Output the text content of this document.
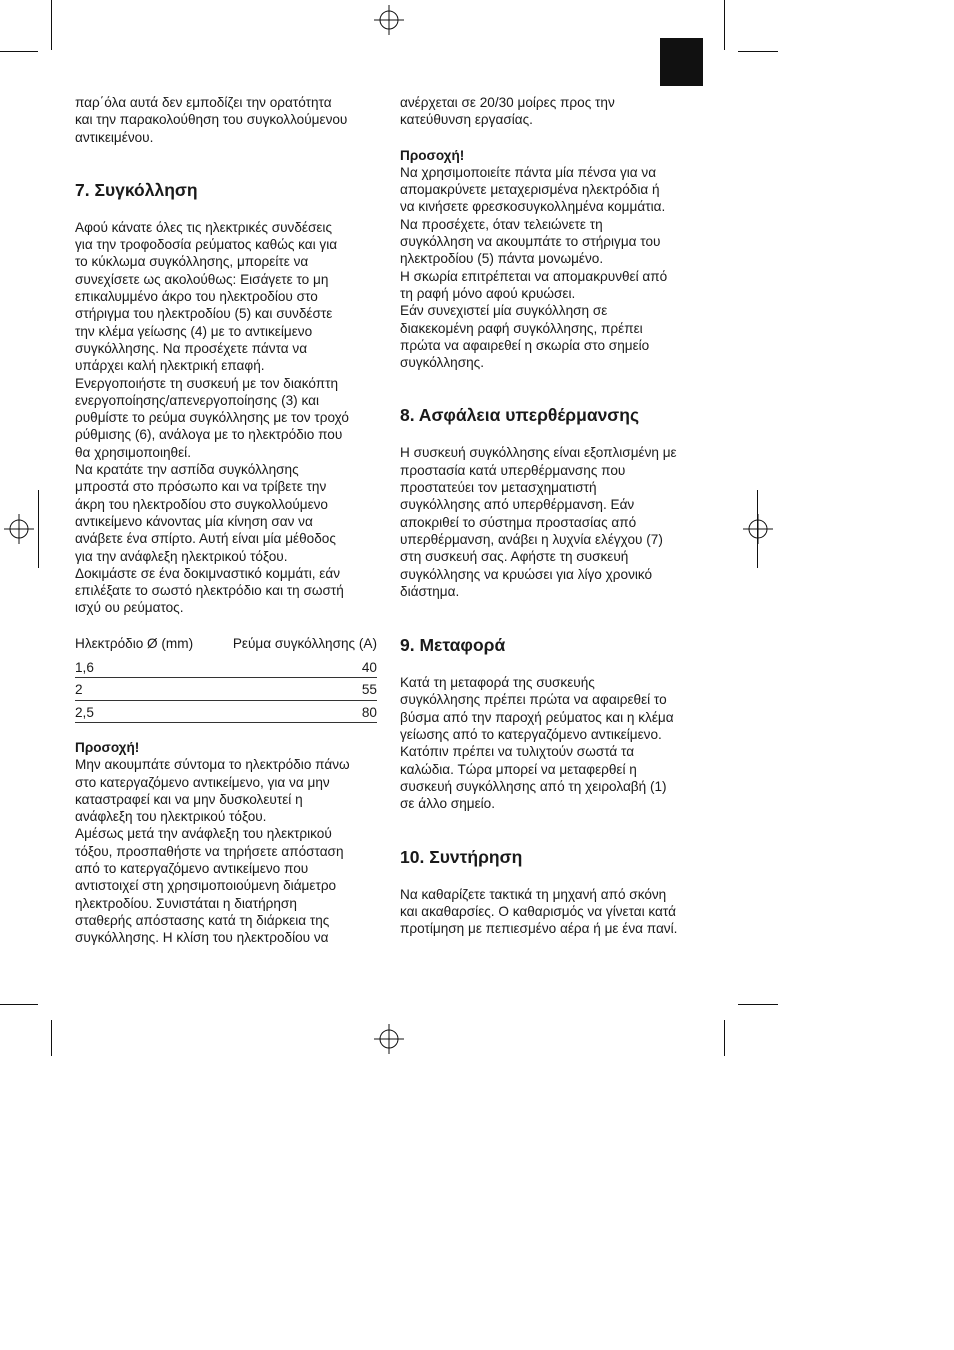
παρ΄όλα αυτά δεν εμποδίζει την ορατότητα
και την παρακολούθηση του συγκολλούμενου
αντικειμένου.

7. Συγκόλληση

Αφού κάνατε όλες τις ηλεκτρικές συνδέσεις
για την τροφοδοσία ρεύματος καθώς και για
το κύκλωμα συγκόλλησης, μπορείτε να
συνεχίσετε ως ακολούθως: Εισάγετε το μη
επικαλυμμένο άκρο του ηλεκτροδίου στο
στήριγμα του ηλεκτροδίου (5) και συνδέστε
την κλέμα γείωσης (4) με το αντικείμενο
συγκόλλησης. Να προσέχετε πάντα να
υπάρχει καλή ηλεκτρική επαφή.
Ενεργοποιήστε τη συσκευή με τον διακόπτη
ενεργοποίησης/απενεργοποίησης (3) και
ρυθμίστε το ρεύμα συγκόλλησης με τον τροχό
ρύθμισης (6), ανάλογα με το ηλεκτρόδιο που
θα χρησιμοποιηθεί.
Να κρατάτε την ασπίδα συγκόλλησης
μπροστά στο πρόσωπο και να τρίβετε την
άκρη του ηλεκτροδίου στο συγκολλούμενο
αντικείμενο κάνοντας μία κίνηση σαν να
ανάβετε ένα σπίρτο. Αυτή είναι μία μέθοδος
για την ανάφλεξη ηλεκτρικού τόξου.
Δοκιμάστε σε ένα δοκιμναστικό κομμάτι, εάν
επιλέξατε το σωστό ηλεκτρόδιο και τη σωστή
ισχύ ου ρεύματος.

Ηλεκτρόδιο Ø (mm)	Ρεύμα συγκόλλησης (A)
1,6	40
2	55
2,5	80

Προσοχή!

Μην ακουμπάτε σύντομα το ηλεκτρόδιο πάνω
στο κατεργαζόμενο αντικείμενο, για να μην
καταστραφεί και να μην δυσκολευτεί η
ανάφλεξη του ηλεκτρικού τόξου.
Αμέσως μετά την ανάφλεξη του ηλεκτρικού
τόξου, προσπαθήστε να τηρήσετε απόσταση
από το κατεργαζόμενο αντικείμενο που
αντιστοιχεί στη χρησιμοποιούμενη διάμετρο
ηλεκτροδίου. Συνιστάται η διατήρηση
σταθερής απόστασης κατά τη διάρκεια της
συγκόλλησης. Η κλίση του ηλεκτροδίου να

ανέρχεται σε 20/30 μοίρες προς την
κατεύθυνση εργασίας.

Προσοχή!

Να χρησιμοποιείτε πάντα μία πένσα για να
απομακρύνετε μεταχερισμένα ηλεκτρόδια ή
να κινήσετε φρεσκοσυγκολλημένα κομμάτια.
Να προσέχετε, όταν τελειώνετε τη
συγκόλληση να ακουμπάτε το στήριγμα του
ηλεκτροδίου (5) πάντα μονωμένο.
Η σκωρία επιτρέπεται να απομακρυνθεί από
τη ραφή μόνο αφού κρυώσει.
Εάν συνεχιστεί μία συγκόλληση σε
διακεκομένη ραφή συγκόλλησης, πρέπει
πρώτα να αφαιρεθεί η σκωρία στο σημείο
συγκόλλησης.

8. Ασφάλεια υπερθέρμανσης

Η συσκευή συγκόλλησης είναι εξοπλισμένη με
προστασία κατά υπερθέρμανσης που
προστατεύει τον μετασχηματιστή
συγκόλλησης από υπερθέρμανση. Εάν
αποκριθεί το σύστημα προστασίας από
υπερθέρμανση, ανάβει η λυχνία ελέγχου (7)
στη συσκευή σας. Αφήστε τη συσκευή
συγκόλλησης να κρυώσει για λίγο χρονικό
διάστημα.

9. Μεταφορά

Κατά τη μεταφορά της συσκευής
συγκόλλησης πρέπει πρώτα να αφαιρεθεί το
βύσμα από την παροχή ρεύματος και η κλέμα
γείωσης από το κατεργαζόμενο αντικείμενο.
Κατόπιν πρέπει να τυλιχτούν σωστά τα
καλώδια. Τώρα μπορεί να μεταφερθεί η
συσκευή συγκόλλησης από τη χειρολαβή (1)
σε άλλο σημείο.

10. Συντήρηση

Να καθαρίζετε τακτικά τη μηχανή από σκόνη
και ακαθαρσίες. Ο καθαρισμός να γίνεται κατά
προτίμηση με πεπιεσμένο αέρα ή με ένα πανί.
